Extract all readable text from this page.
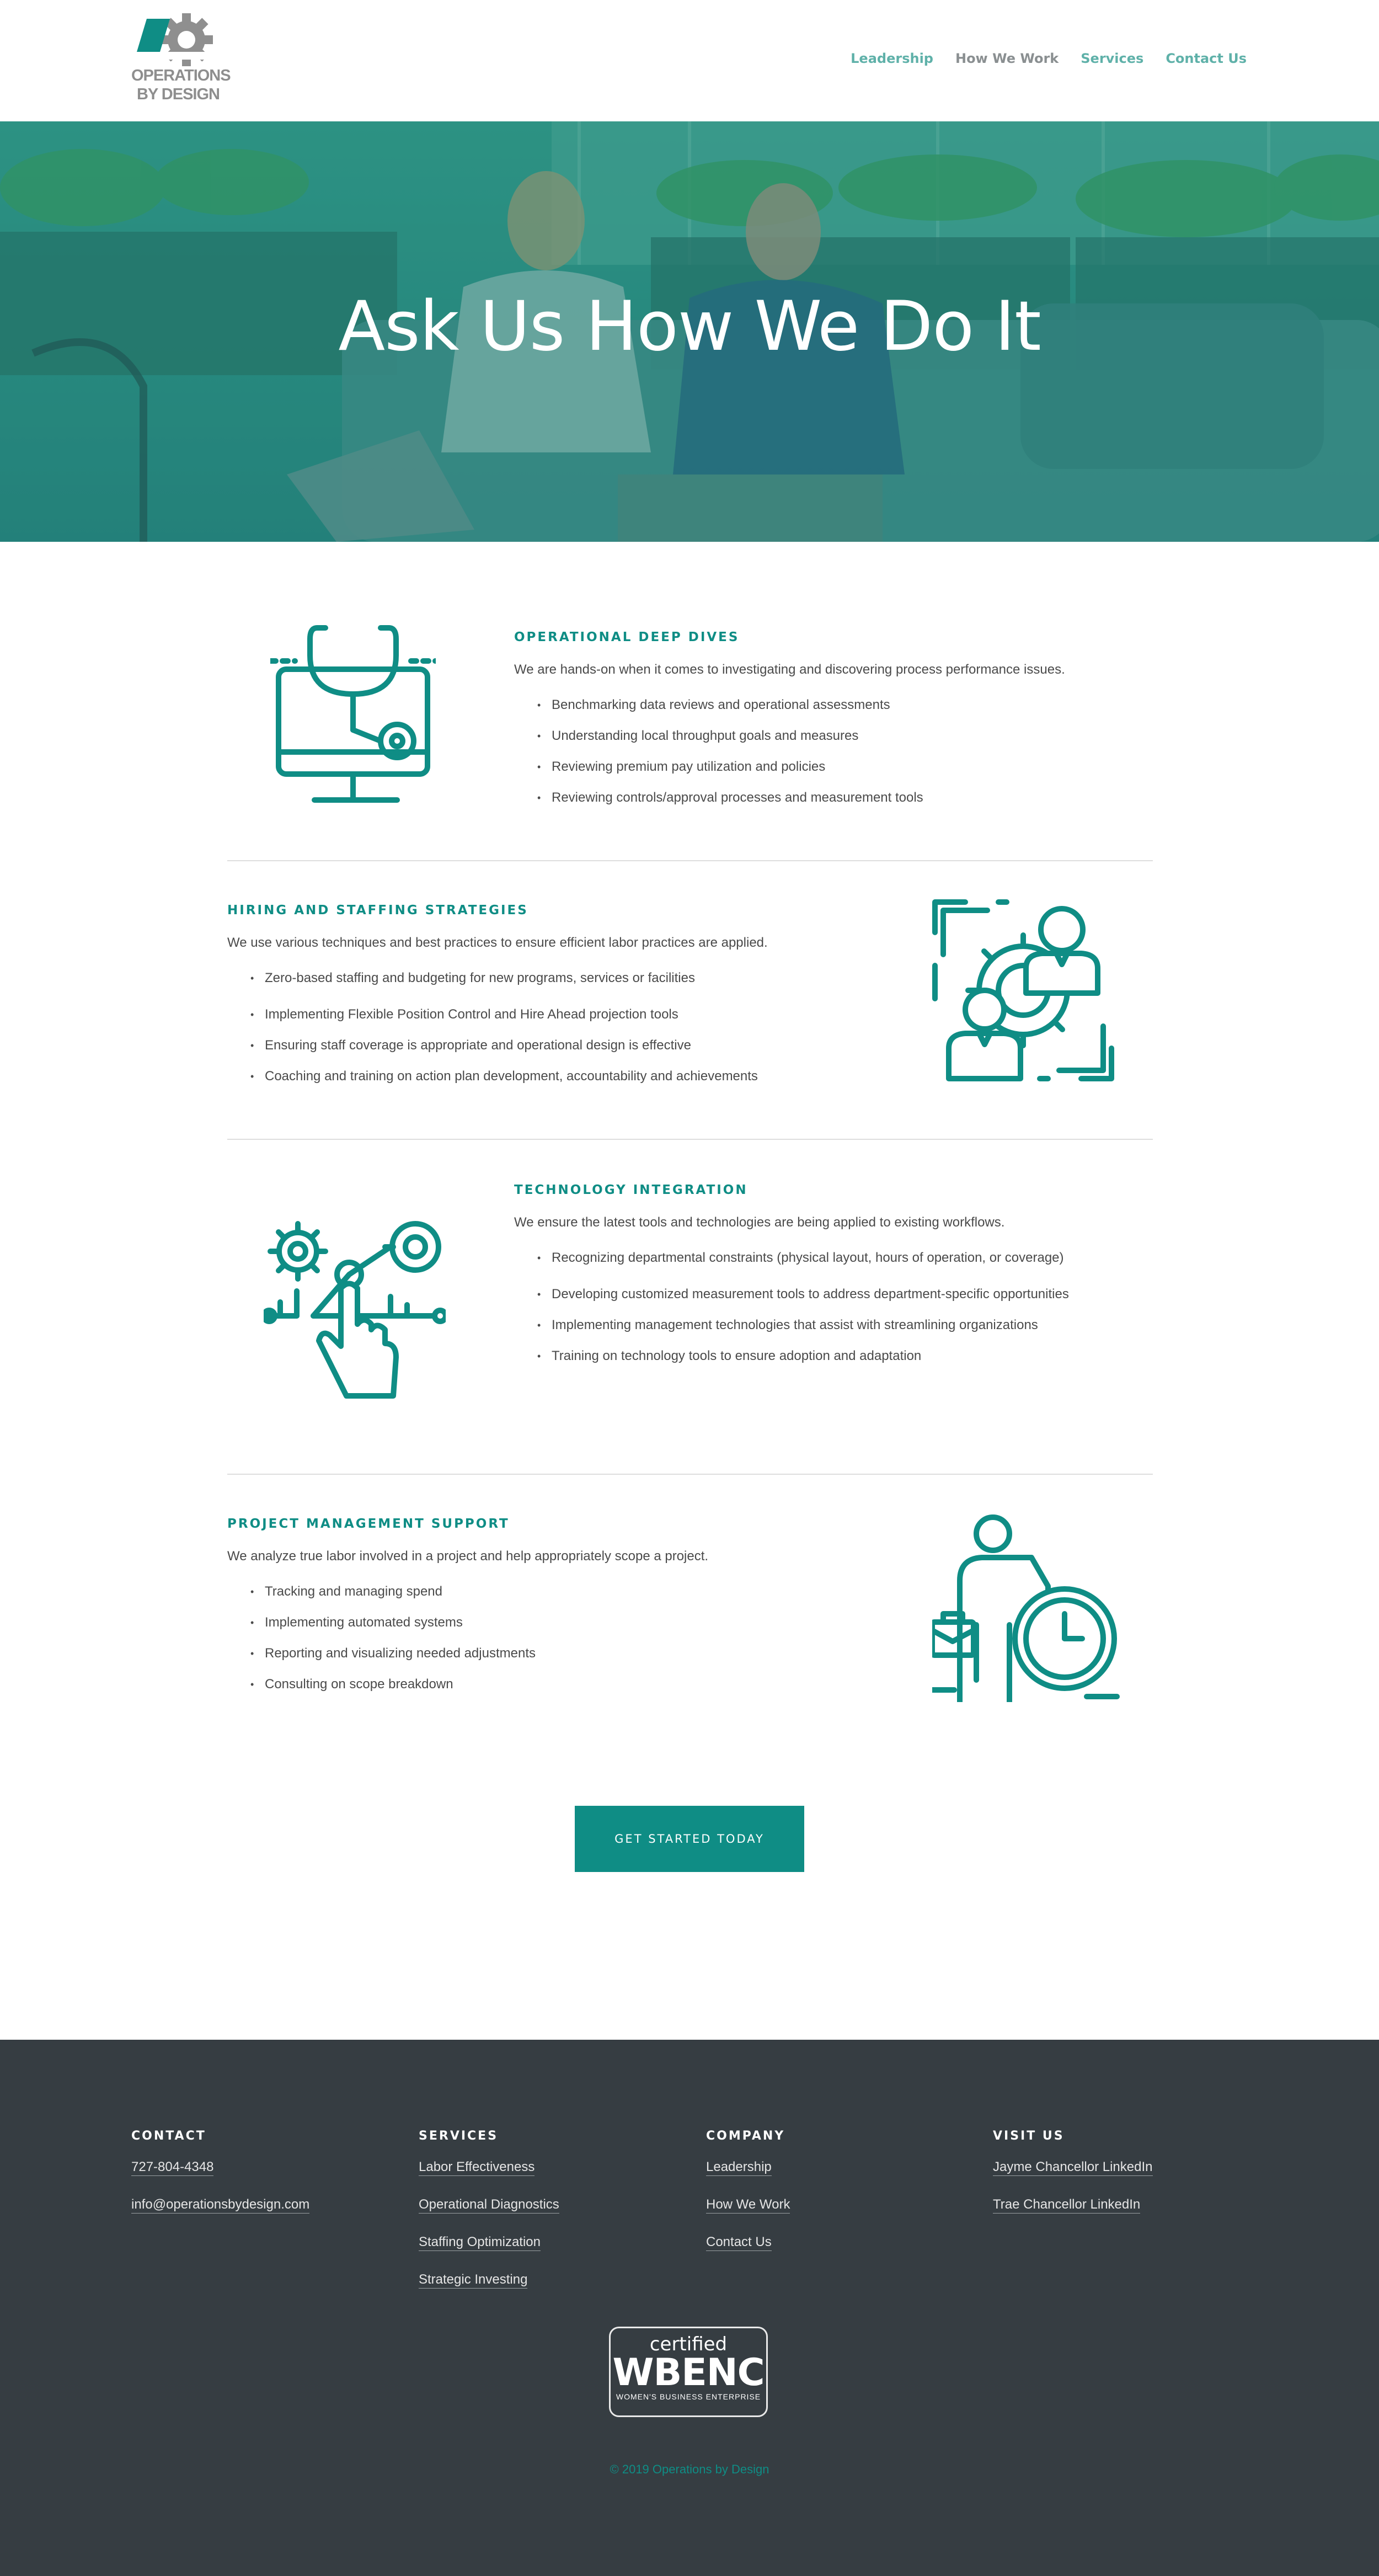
OPERATIONS
BY DESIGN
Leadership How We Work Services Contact Us
Ask Us How We Do It
OPERATIONAL DEEP DIVES

We are hands-on when it comes to investigating and discovering process performance issues.

• Benchmarking data reviews and operational assessments
• Understanding local throughput goals and measures
• Reviewing premium pay utilization and policies
• Reviewing controls/approval processes and measurement tools
HIRING AND STAFFING STRATEGIES

We use various techniques and best practices to ensure efficient labor practices are applied.

• Zero-based staffing and budgeting for new programs, services or facilities
• Implementing Flexible Position Control and Hire Ahead projection tools
• Ensuring staff coverage is appropriate and operational design is effective
• Coaching and training on action plan development, accountability and achievements
TECHNOLOGY INTEGRATION

We ensure the latest tools and technologies are being applied to existing workflows.

• Recognizing departmental constraints (physical layout, hours of operation, or coverage)
• Developing customized measurement tools to address department-specific opportunities
• Implementing management technologies that assist with streamlining organizations
• Training on technology tools to ensure adoption and adaptation
PROJECT MANAGEMENT SUPPORT

We analyze true labor involved in a project and help appropriately scope a project.

• Tracking and managing spend
• Implementing automated systems
• Reporting and visualizing needed adjustments
• Consulting on scope breakdown
GET STARTED TODAY
CONTACT
727-804-4348
info@operationsbydesign.com
SERVICES
Labor Effectiveness
Operational Diagnostics
Staffing Optimization
Strategic Investing
COMPANY
Leadership
How We Work
Contact Us
VISIT US
Jayme Chancellor LinkedIn
Trae Chancellor LinkedIn
certified
WBENC
WOMEN'S BUSINESS ENTERPRISE
© 2019 Operations by Design
